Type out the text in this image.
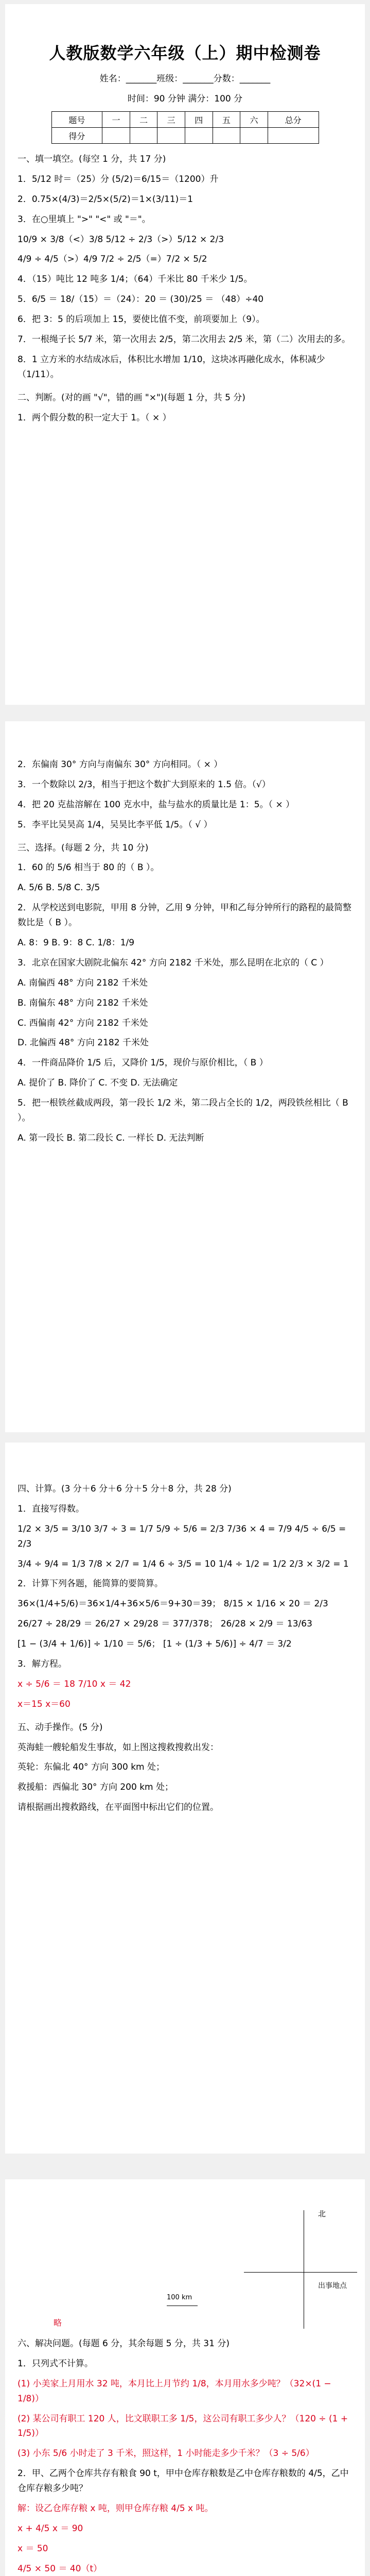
人教版数学六年级（上）期中检测卷
姓名：_______班级：_______分数：_______
时间：90 分钟 满分：100 分
题号	一	二	三	四	五	六	总分
得分							
一、填一填空。(每空 1 分，共 17 分)
1．5/12 时＝（25）分 (5/2)＝6/15＝（1200）升
2．0.75×(4/3)＝2/5×(5/2)＝1×(3/11)＝1
3．在○里填上 ">" "<" 或 "＝"。
10/9 × 3/8（<）3/8 5/12 ÷ 2/3（>）5/12 × 2/3
4/9 ÷ 4/5（>）4/9 7/2 ÷ 2/5（=）7/2 × 5/2
4．（15）吨比 12 吨多 1/4；（64）千米比 80 千米少 1/5。
5．6/5 ＝ 18/（15）＝（24）：20 ＝ (30)/25 ＝ （48）÷40
6．把 3：5 的后项加上 15，要使比值不变，前项要加上（9）。
7．一根绳子长 5/7 米，第一次用去 2/5，第二次用去 2/5 米，第（二）次用去的多。
8．1 立方米的水结成冰后，体积比水增加 1/10，这块冰再融化成水，体积减少（1/11）。
二、判断。(对的画 "√"，错的画 "×")(每题 1 分，共 5 分)
1．两个假分数的积一定大于 1。（ × ）
2．东偏南 30° 方向与南偏东 30° 方向相同。（ × ）
3．一个数除以 2/3，相当于把这个数扩大到原来的 1.5 倍。（√）
4．把 20 克盐溶解在 100 克水中，盐与盐水的质量比是 1：5。（ × ）
5．李平比吴昊高 1/4，吴昊比李平低 1/5。（ √ ）
三、选择。(每题 2 分，共 10 分)
1．60 的 5/6 相当于 80 的（ B ）。
A. 5/6 B. 5/8 C. 3/5
2．从学校送到电影院，甲用 8 分钟，乙用 9 分钟，甲和乙每分钟所行的路程的最简整数比是（ B ）。
A. 8：9 B. 9：8 C. 1/8：1/9
3．北京在国家大剧院北偏东 42° 方向 2182 千米处，那么昆明在北京的（ C ）
A. 南偏西 48° 方向 2182 千米处
B. 南偏东 48° 方向 2182 千米处
C. 西偏南 42° 方向 2182 千米处
D. 北偏西 48° 方向 2182 千米处
4．一件商品降价 1/5 后，又降价 1/5，现价与原价相比，（ B ）
A. 提价了 B. 降价了 C. 不变 D. 无法确定
5．把一根铁丝截成两段，第一段长 1/2 米，第二段占全长的 1/2，两段铁丝相比（ B ）。
A. 第一段长 B. 第二段长 C. 一样长 D. 无法判断
四、计算。(3 分＋6 分＋6 分＋5 分＋8 分，共 28 分)
1．直接写得数。
1/2 × 3/5 = 3/10 3/7 ÷ 3 = 1/7 5/9 ÷ 5/6 = 2/3 7/36 × 4 = 7/9 4/5 ÷ 6/5 = 2/3
3/4 ÷ 9/4 = 1/3 7/8 × 2/7 = 1/4 6 ÷ 3/5 = 10 1/4 ÷ 1/2 = 1/2 2/3 × 3/2 = 1
2．计算下列各题，能简算的要简算。
36×(1/4+5/6)＝36×1/4+36×5/6＝9+30＝39； 8/15 × 1/16 × 20 ＝ 2/3
26/27 ÷ 28/29 ＝ 26/27 × 29/28 ＝ 377/378； 26/28 × 2/9 ＝ 13/63
[1 − (3/4 + 1/6)] ÷ 1/10 ＝ 5/6； [1 ÷ (1/3 + 5/6)] ÷ 4/7 ＝ 3/2
3．解方程。
x ÷ 5/6 ＝ 18 7/10 x ＝ 42
x＝15 x＝60
五、动手操作。(5 分)
英海蛙一艘轮船发生事故，如上图这搜救搜救出发：
英轮：东偏北 40° 方向 300 km 处；
救援船：西偏北 30° 方向 200 km 处；
请根据画出搜救路线，在平面图中标出它们的位置。
北
出事地点
100 km
略
六、解决问题。(每题 6 分，其余每题 5 分，共 31 分)
1．只列式不计算。
(1) 小美家上月用水 32 吨，本月比上月节约 1/8，本月用水多少吨？（32×(1 − 1/8)）
(2) 某公司有职工 120 人，比文联职工多 1/5，这公司有职工多少人？（120 ÷ (1 + 1/5)）
(3) 小东 5/6 小时走了 3 千米，照这样，1 小时能走多少千米？（3 ÷ 5/6）
2．甲、乙两个仓库共存有粮食 90 t，甲中仓库存粮数是乙中仓库存粮数的 4/5，乙中仓库存粮多少吨？
解：设乙仓库存粮 x 吨，则甲仓库存粮 4/5 x 吨。
x + 4/5 x ＝ 90
x ＝ 50
4/5 × 50 ＝ 40（t）
